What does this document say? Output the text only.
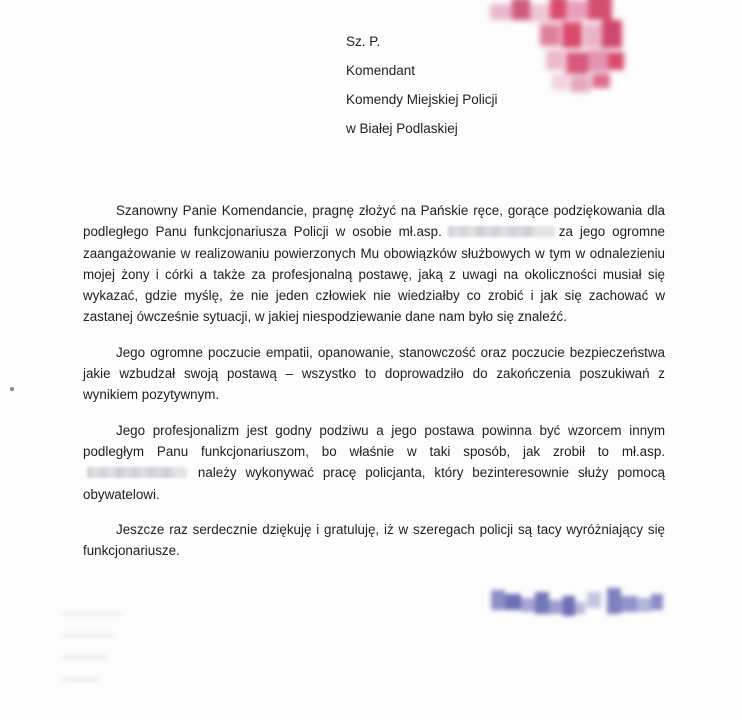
Sz. P.
Komendant
Komendy Miejskiej Policji
w Białej Podlaskiej

Szanowny Panie Komendancie, pragnę złożyć na Pańskie ręce, gorące podziękowania dla podległego Panu funkcjonariusza Policji w osobie mł.asp.	za jego ogromne zaangażowanie w realizowaniu powierzonych Mu obowiązków służbowych w tym w odnalezieniu mojej żony i córki a także za profesjonalną postawę, jaką z uwagi na okoliczności musiał się wykazać, gdzie myślę, że nie jeden człowiek nie wiedziałby co zrobić i jak się zachować w zastanej ówcześnie sytuacji, w jakiej niespodziewanie dane nam było się znaleźć.

Jego ogromne poczucie empatii, opanowanie, stanowczość oraz poczucie bezpieczeństwa jakie wzbudzał swoją postawą – wszystko to doprowadziło do zakończenia poszukiwań z wynikiem pozytywnym.

Jego profesjonalizm jest godny podziwu a jego postawa powinna być wzorcem innym podległym Panu funkcjonariuszom, bo właśnie w taki sposób, jak zrobił to mł.asp. należy wykonywać pracę policjanta, który bezinteresownie służy pomocą obywatelowi.

Jeszcze raz serdecznie dziękuję i gratuluję, iż w szeregach policji są tacy wyróżniający się funkcjonariusze.
